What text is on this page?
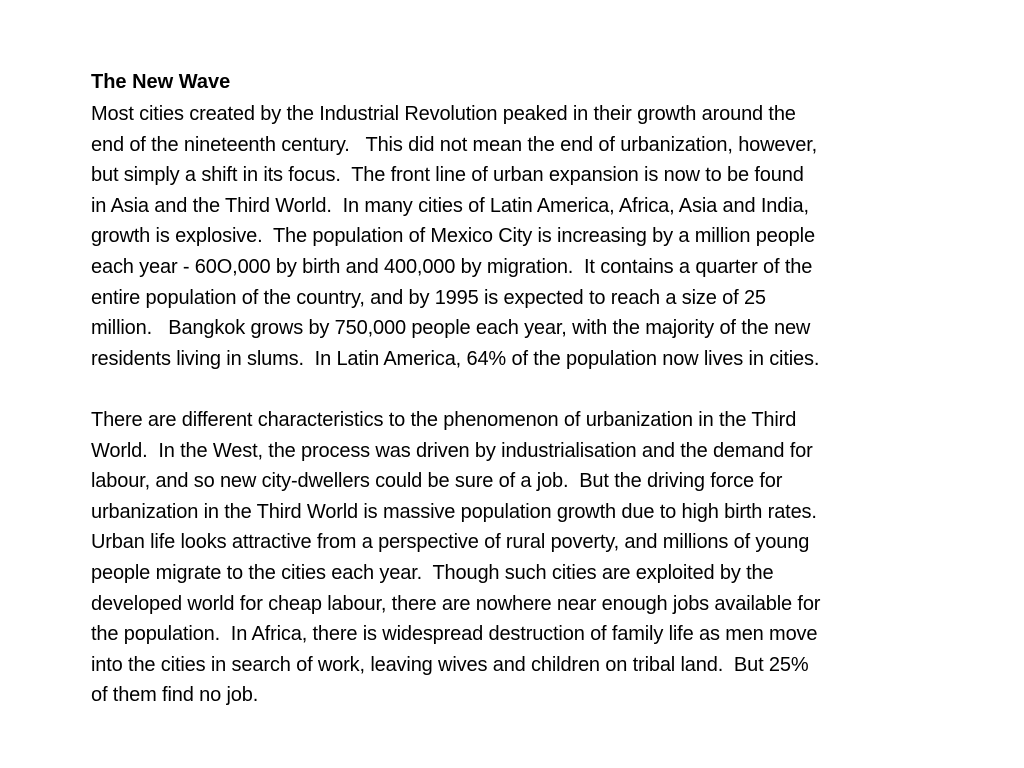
The New Wave

Most cities created by the Industrial Revolution peaked in their growth around the
end of the nineteenth century.   This did not mean the end of urbanization, however,
but simply a shift in its focus.  The front line of urban expansion is now to be found
in Asia and the Third World.  In many cities of Latin America, Africa, Asia and India,
growth is explosive.  The population of Mexico City is increasing by a million people
each year - 60O,000 by birth and 400,000 by migration.  It contains a quarter of the
entire population of the country, and by 1995 is expected to reach a size of 25
million.   Bangkok grows by 750,000 people each year, with the majority of the new
residents living in slums.  In Latin America, 64% of the population now lives in cities.

There are different characteristics to the phenomenon of urbanization in the Third
World.  In the West, the process was driven by industrialisation and the demand for
labour, and so new city-dwellers could be sure of a job.  But the driving force for
urbanization in the Third World is massive population growth due to high birth rates.
Urban life looks attractive from a perspective of rural poverty, and millions of young
people migrate to the cities each year.  Though such cities are exploited by the
developed world for cheap labour, there are nowhere near enough jobs available for
the population.  In Africa, there is widespread destruction of family life as men move
into the cities in search of work, leaving wives and children on tribal land.  But 25%
of them find no job.
